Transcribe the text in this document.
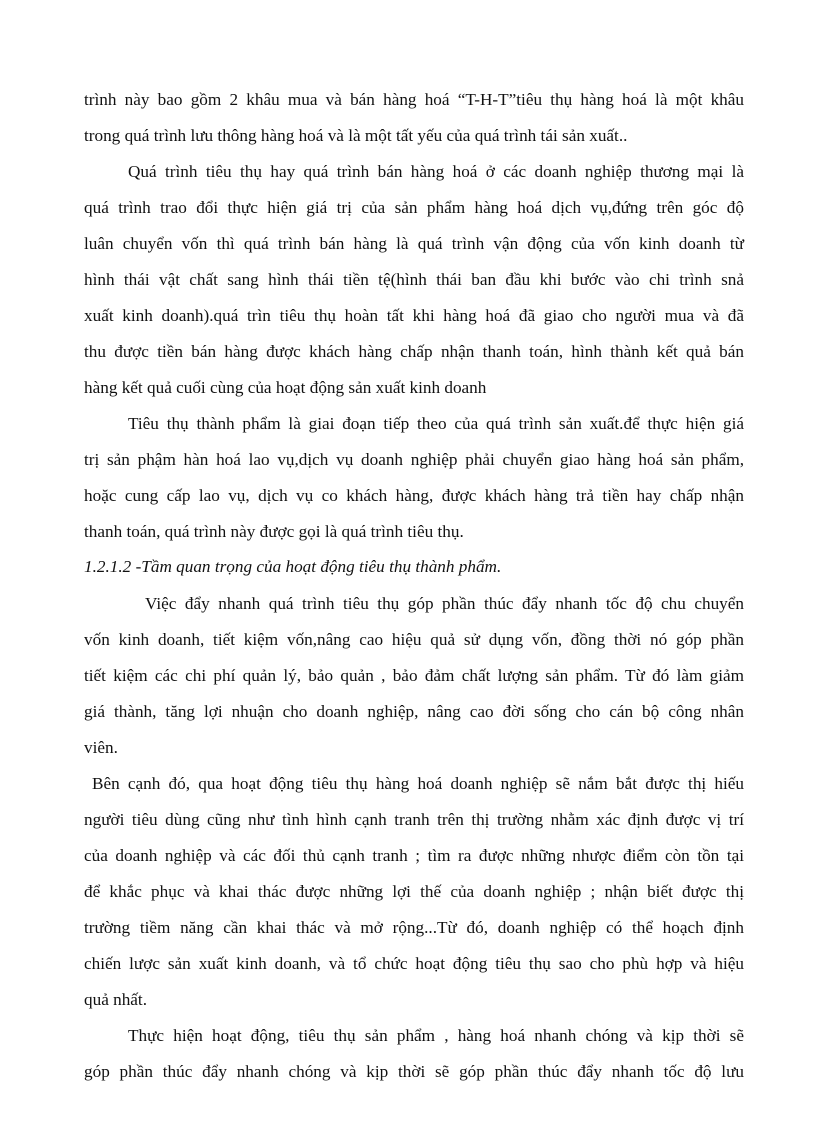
trình này bao gồm 2 khâu mua và bán hàng hoá “T-H-T”tiêu thụ hàng hoá là một khâu
trong quá trình lưu thông hàng hoá và là một tất yếu của quá trình tái sản xuất..
Quá trình tiêu thụ hay quá trình bán hàng hoá ở các doanh nghiệp thương mại là
quá trình trao đổi thực hiện giá trị của sản phẩm hàng hoá dịch vụ,đứng trên góc độ
luân chuyển vốn thì quá trình bán hàng là quá trình vận động của vốn kinh doanh từ
hình thái vật chất sang hình thái tiền tệ(hình thái ban đầu khi bước vào chi trình snả
xuất kinh doanh).quá trìn tiêu thụ hoàn tất khi hàng hoá đã giao cho người mua và đã
thu được tiền bán hàng được khách hàng chấp nhận thanh toán, hình thành kết quả bán
hàng kết quả cuối cùng của hoạt động sản xuất kinh doanh
Tiêu thụ thành phẩm là giai đoạn tiếp theo của quá trình sản xuất.để thực hiện giá
trị sản phậm hàn hoá lao vụ,dịch vụ doanh nghiệp phải chuyển giao hàng hoá sản phẩm,
hoặc cung cấp lao vụ, dịch vụ co khách hàng, được khách hàng trả tiền hay chấp nhận
thanh toán, quá trình này được gọi là quá trình tiêu thụ.
1.2.1.2 -Tầm quan trọng của hoạt động tiêu thụ thành phẩm.
Việc đẩy nhanh quá trình tiêu thụ góp phần thúc đẩy nhanh tốc độ chu chuyển
vốn kinh doanh, tiết kiệm vốn,nâng cao hiệu quả sử dụng vốn, đồng thời nó góp phần
tiết kiệm các chi phí quản lý, bảo quản , bảo đảm chất lượng sản phẩm. Từ đó làm giảm
giá thành, tăng lợi nhuận cho doanh nghiệp, nâng cao đời sống cho cán bộ công nhân
viên.
Bên cạnh đó, qua hoạt động tiêu thụ hàng hoá doanh nghiệp sẽ nắm bắt được thị hiếu
người tiêu dùng cũng như tình hình cạnh tranh trên thị trường nhằm xác định được vị trí
của doanh nghiệp và các đối thủ cạnh tranh ; tìm ra được những nhược điểm còn tồn tại
để khắc phục và khai thác được những lợi thế của doanh nghiệp ; nhận biết được thị
trường tiềm năng cần khai thác và mở rộng...Từ đó, doanh nghiệp có thể hoạch định
chiến lược sản xuất kinh doanh, và tổ chức hoạt động tiêu thụ sao cho phù hợp và hiệu
quả nhất.
Thực hiện hoạt động, tiêu thụ sản phẩm , hàng hoá nhanh chóng và kịp thời sẽ
góp phần thúc đẩy nhanh chóng và kịp thời sẽ góp phần thúc đẩy nhanh tốc độ lưu
